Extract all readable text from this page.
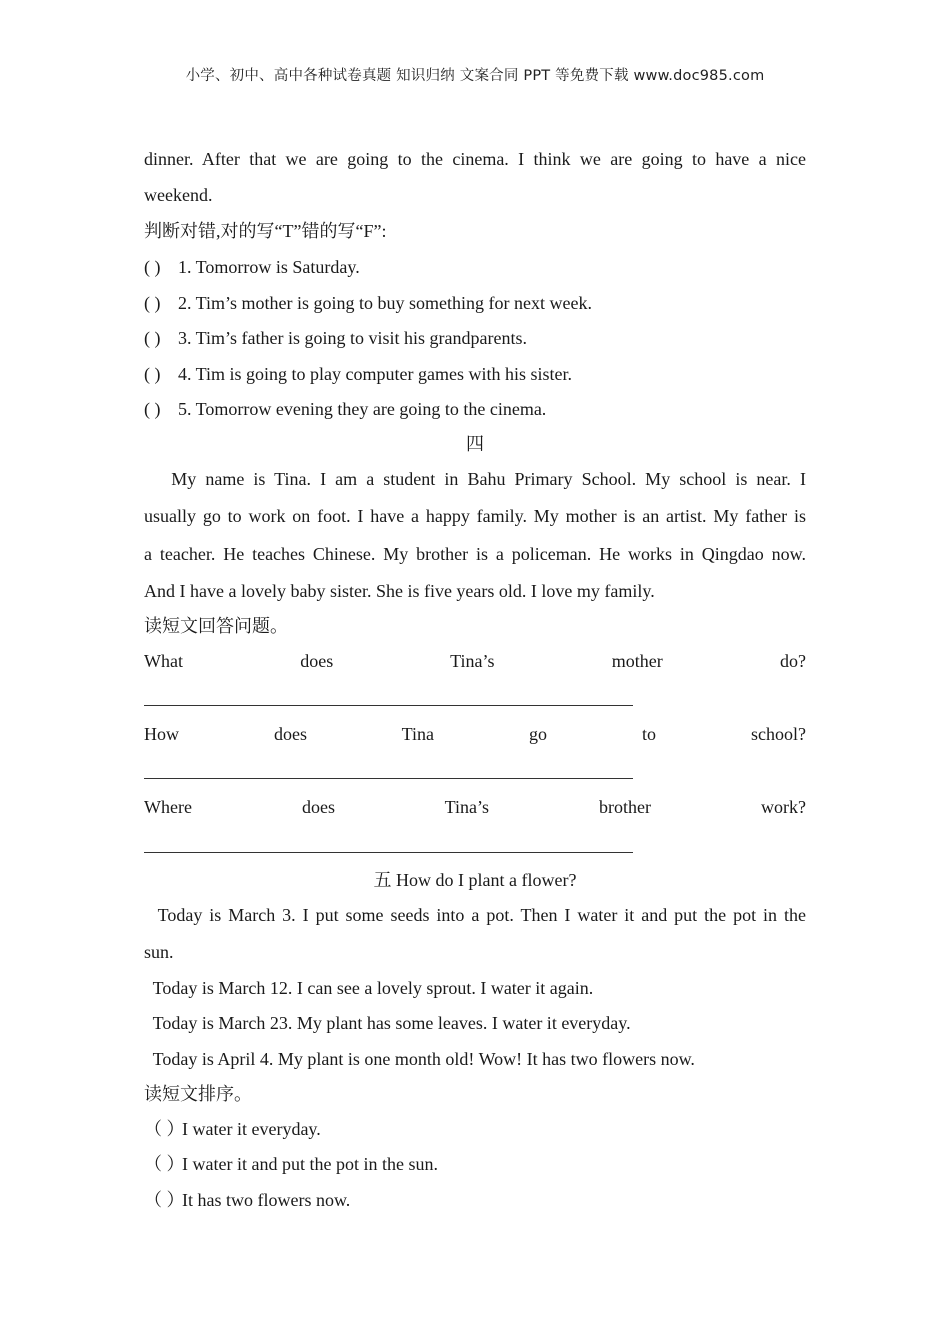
小学、初中、高中各种试卷真题 知识归纳 文案合同 PPT 等免费下载 www.doc985.com
dinner. After that we are going to the cinema. I think we are going to have a nice
weekend.
判断对错,对的写“T”错的写“F”:
( ) 1. Tomorrow is Saturday.
( ) 2. Tim’s mother is going to buy something for next week.
( ) 3. Tim’s father is going to visit his grandparents.
( ) 4. Tim is going to play computer games with his sister.
( ) 5. Tomorrow evening they are going to the cinema.
四
My name is Tina. I am a student in Bahu Primary School. My school is near. I
usually go to work on foot. I have a happy family. My mother is an artist. My father is
a teacher. He teaches Chinese. My brother is a policeman. He works in Qingdao now.
And I have a lovely baby sister. She is five years old. I love my family.
读短文回答问题。
What does Tina’s mother do?
How does Tina go to school?
Where does Tina’s brother work?
五 How do I plant a flower?
Today is March 3. I put some seeds into a pot. Then I water it and put the pot in the
sun.
Today is March 12. I can see a lovely sprout. I water it again.
Today is March 23. My plant has some leaves. I water it everyday.
Today is April 4. My plant is one month old! Wow! It has two flowers now.
读短文排序。
（ ）I water it everyday.
（ ）I water it and put the pot in the sun.
（ ）It has two flowers now.
